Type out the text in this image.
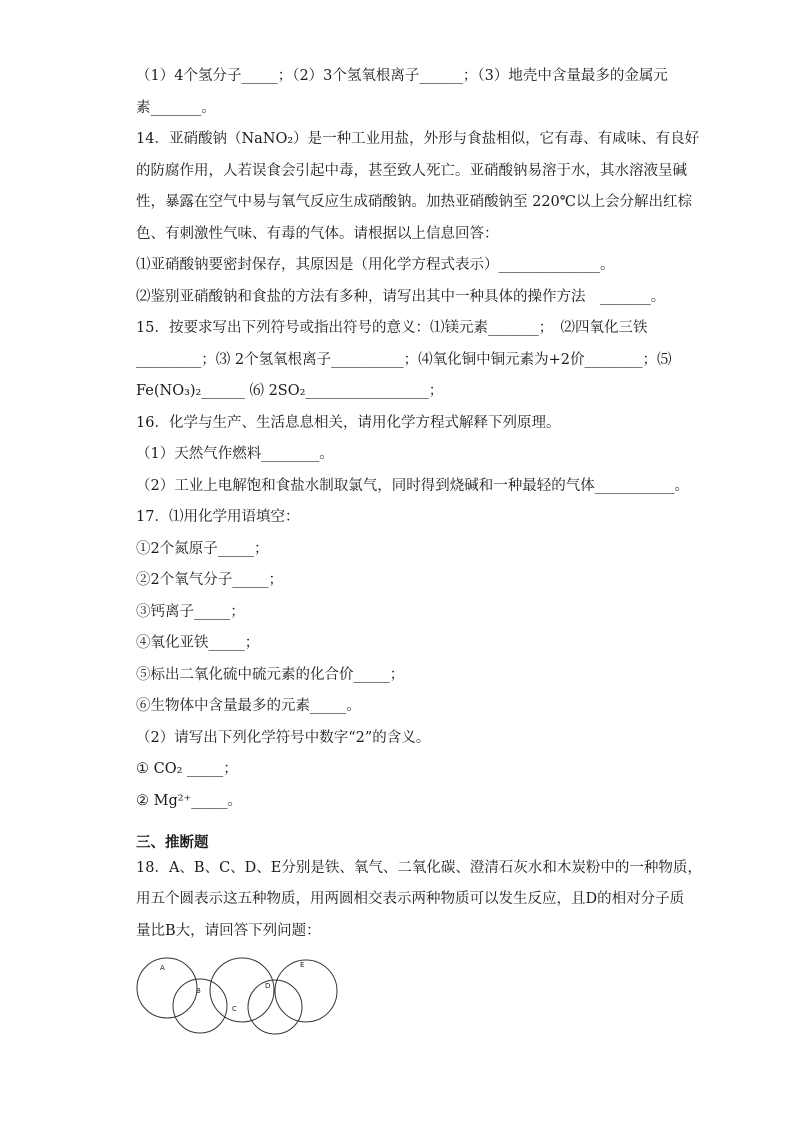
（1）4个氢分子_____；（2）3个氢氧根离子______；（3）地壳中含量最多的金属元
素_______。
14．亚硝酸钠（NaNO₂）是一种工业用盐，外形与食盐相似，它有毒、有咸味、有良好
的防腐作用，人若误食会引起中毒，甚至致人死亡。亚硝酸钠易溶于水，其水溶液呈碱
性，暴露在空气中易与氧气反应生成硝酸钠。加热亚硝酸钠至 220℃以上会分解出红棕
色、有刺激性气味、有毒的气体。请根据以上信息回答：
⑴亚硝酸钠要密封保存，其原因是（用化学方程式表示）______________。
⑵鉴别亚硝酸钠和食盐的方法有多种，请写出其中一种具体的操作方法　_______。
15．按要求写出下列符号或指出符号的意义：⑴镁元素_______；　⑵四氧化三铁
_________；⑶ 2个氢氧根离子__________；⑷氧化铜中铜元素为+2价________；⑸
Fe(NO₃)₂______ ⑹ 2SO₂_________________；
16．化学与生产、生活息息相关，请用化学方程式解释下列原理。
（1）天然气作燃料________。
（2）工业上电解饱和食盐水制取氯气，同时得到烧碱和一种最轻的气体___________。
17．⑴用化学用语填空：
①2个氮原子_____；
②2个氧气分子_____；
③钙离子_____；
④氧化亚铁_____；
⑤标出二氧化硫中硫元素的化合价_____；
⑥生物体中含量最多的元素_____。
（2）请写出下列化学符号中数字“2”的含义。
① CO₂ _____；
② Mg²⁺_____。
三、推断题
18．A、B、C、D、E分别是铁、氧气、二氧化碳、澄清石灰水和木炭粉中的一种物质，
用五个圆表示这五种物质，用两圆相交表示两种物质可以发生反应，且D的相对分子质
量比B大，请回答下列问题：
A
B
C
D
E
